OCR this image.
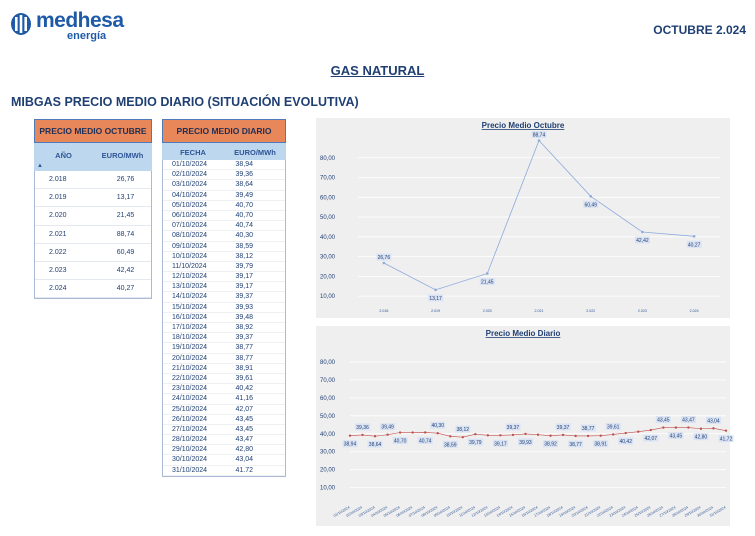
medhesa
energía	OCTUBRE 2.024
GAS NATURAL
MIBGAS PRECIO MEDIO DIARIO (SITUACIÓN EVOLUTIVA)
PRECIO MEDIO OCTUBRE
AÑO	EURO/MWh
▲
2.018	26,76
2.019	13,17
2.020	21,45
2.021	88,74
2.022	60,49
2.023	42,42
2.024	40,27
PRECIO MEDIO DIARIO
FECHA	EURO/MWh
01/10/2024	38,94
02/10/2024	39,36
03/10/2024	38,64
04/10/2024	39,49
05/10/2024	40,70
06/10/2024	40,70
07/10/2024	40,74
08/10/2024	40,30
09/10/2024	38,59
10/10/2024	38,12
11/10/2024	39,79
12/10/2024	39,17
13/10/2024	39,17
14/10/2024	39,37
15/10/2024	39,93
16/10/2024	39,48
17/10/2024	38,92
18/10/2024	39,37
19/10/2024	38,77
20/10/2024	38,77
21/10/2024	38,91
22/10/2024	39,61
23/10/2024	40,42
24/10/2024	41,16
25/10/2024	42,07
26/10/2024	43,45
27/10/2024	43,45
28/10/2024	43,47
29/10/2024	42,80
30/10/2024	43,04
31/10/2024	41.72
Precio Medio Octubre
10,00
20,00
30,00
40,00
50,00
60,00
70,00
80,00
2.018	2.019	2.020	2.021	2.022	2.023	2.024
26,76
13,17
21,45
88,74
60,49
42,42
40,27
Precio Medio Diario
10,00
20,00
30,00
40,00
50,00
60,00
70,00
80,00
01/10/2024
02/10/2024
03/10/2024
04/10/2024
05/10/2024
06/10/2024
07/10/2024
08/10/2024
09/10/2024
10/10/2024
11/10/2024
12/10/2024
13/10/2024
14/10/2024
15/10/2024
16/10/2024
17/10/2024
18/10/2024
19/10/2024
20/10/2024
21/10/2024
22/10/2024
23/10/2024
24/10/2024
25/10/2024
26/10/2024
27/10/2024
28/10/2024
29/10/2024
30/10/2024
31/10/2024
38,94
39,36
38,64
39,49
40,70	40,74
40,30
38,59
38,12
39,79	39,17
39,37
39,93	38,92
39,37
38,77
38,77
38,91
39,61
40,42	42,07
43,45
43,45
43,47
42,80
43,04
41,72
